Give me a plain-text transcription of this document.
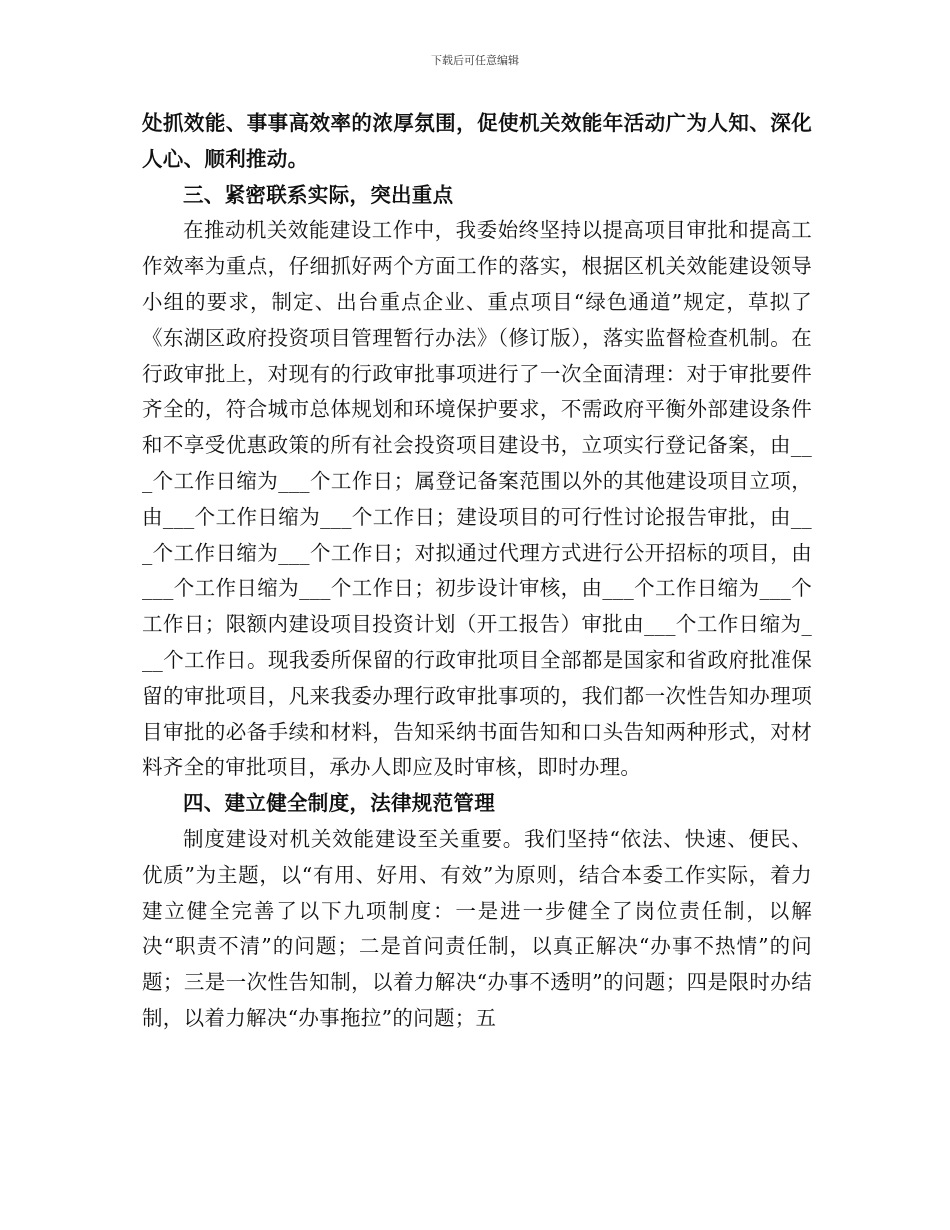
下载后可任意编辑

处抓效能、事事高效率的浓厚氛围，促使机关效能年活动广为人知、深化人心、顺利推动。

三、紧密联系实际，突出重点

在推动机关效能建设工作中，我委始终坚持以提高项目审批和提高工作效率为重点，仔细抓好两个方面工作的落实，根据区机关效能建设领导小组的要求，制定、出台重点企业、重点项目“绿色通道”规定，草拟了《东湖区政府投资项目管理暂行办法》（修订版），落实监督检查机制。在行政审批上，对现有的行政审批事项进行了一次全面清理：对于审批要件齐全的，符合城市总体规划和环境保护要求，不需政府平衡外部建设条件和不享受优惠政策的所有社会投资项目建设书，立项实行登记备案，由___个工作日缩为___个工作日；属登记备案范围以外的其他建设项目立项，由___个工作日缩为___个工作日；建设项目的可行性讨论报告审批，由___个工作日缩为___个工作日；对拟通过代理方式进行公开招标的项目，由___个工作日缩为___个工作日；初步设计审核，由___个工作日缩为___个工作日；限额内建设项目投资计划（开工报告）审批由___个工作日缩为___个工作日。现我委所保留的行政审批项目全部都是国家和省政府批准保留的审批项目，凡来我委办理行政审批事项的，我们都一次性告知办理项目审批的必备手续和材料，告知采纳书面告知和口头告知两种形式，对材料齐全的审批项目，承办人即应及时审核，即时办理。

四、建立健全制度，法律规范管理

制度建设对机关效能建设至关重要。我们坚持“依法、快速、便民、优质”为主题，以“有用、好用、有效”为原则，结合本委工作实际，着力建立健全完善了以下九项制度：一是进一步健全了岗位责任制，以解决“职责不清”的问题；二是首问责任制，以真正解决“办事不热情”的问题；三是一次性告知制，以着力解决“办事不透明”的问题；四是限时办结制，以着力解决“办事拖拉”的问题；五
